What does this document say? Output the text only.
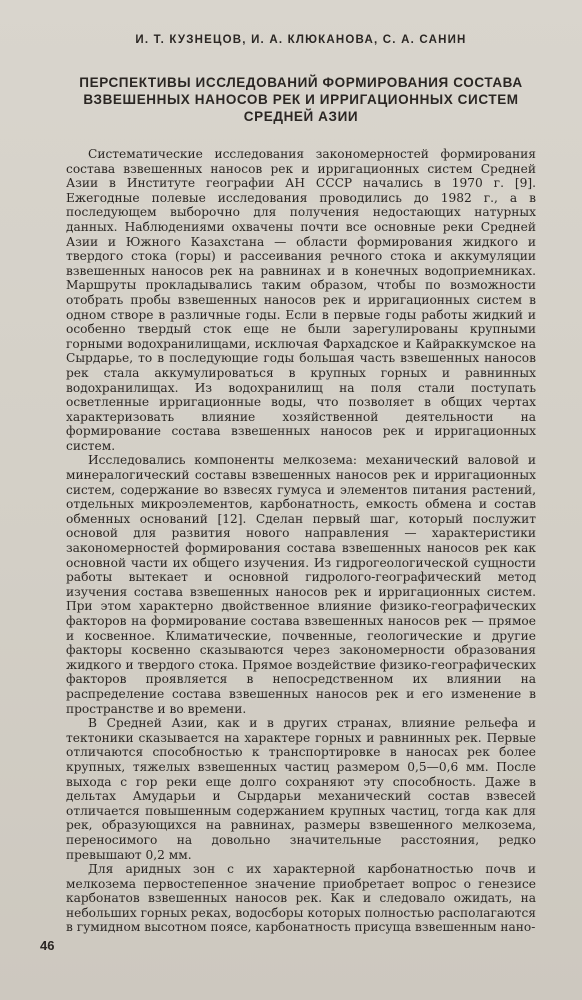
И. Т. КУЗНЕЦОВ, И. А. КЛЮКАНОВА, С. А. САНИН
ПЕРСПЕКТИВЫ ИССЛЕДОВАНИЙ ФОРМИРОВАНИЯ СОСТАВА
ВЗВЕШЕННЫХ НАНОСОВ РЕК И ИРРИГАЦИОННЫХ СИСТЕМ
СРЕДНЕЙ АЗИИ

Систематические исследования закономерностей формирования состава взвешенных наносов рек и ирригационных систем Средней Азии в Институте географии АН СССР начались в 1970 г. [9]. Ежегодные полевые исследования проводились до 1982 г., а в последующем выборочно для получения недостающих натурных данных. Наблюдениями охвачены почти все основные реки Средней Азии и Южного Казахстана — области формирования жидкого и твердого стока (горы) и рассеивания речного стока и аккумуляции взвешенных наносов рек на равнинах и в конечных водоприемниках. Маршруты прокладывались таким образом, чтобы по возможности отобрать пробы взвешенных наносов рек и ирригационных систем в одном створе в различные годы. Если в первые годы работы жидкий и особенно твердый сток еще не были зарегулированы крупными горными водохранилищами, исключая Фархадское и Кайраккумское на Сырдарье, то в последующие годы большая часть взвешенных наносов рек стала аккумулироваться в крупных горных и равнинных водохранилищах. Из водохранилищ на поля стали поступать осветленные ирригационные воды, что позволяет в общих чертах характеризовать влияние хозяйственной деятельности на формирование состава взвешенных наносов рек и ирригационных систем.

Исследовались компоненты мелкозема: механический валовой и минералогический составы взвешенных наносов рек и ирригационных систем, содержание во взвесях гумуса и элементов питания растений, отдельных микроэлементов, карбонатность, емкость обмена и состав обменных оснований [12]. Сделан первый шаг, который послужит основой для развития нового направления — характеристики закономерностей формирования состава взвешенных наносов рек как основной части их общего изучения. Из гидрогеологической сущности работы вытекает и основной гидролого-географический метод изучения состава взвешенных наносов рек и ирригационных систем. При этом характерно двойственное влияние физико-географических факторов на формирование состава взвешенных наносов рек — прямое и косвенное. Климатические, почвенные, геологические и другие факторы косвенно сказываются через закономерности образования жидкого и твердого стока. Прямое воздействие физико-географических факторов проявляется в непосредственном их влиянии на распределение состава взвешенных наносов рек и его изменение в пространстве и во времени.

В Средней Азии, как и в других странах, влияние рельефа и тектоники сказывается на характере горных и равнинных рек. Первые отличаются способностью к транспортировке в наносах рек более крупных, тяжелых взвешенных частиц размером 0,5—0,6 мм. После выхода с гор реки еще долго сохраняют эту способность. Даже в дельтах Амударьи и Сырдарьи механический состав взвесей отличается повышенным содержанием крупных частиц, тогда как для рек, образующихся на равнинах, размеры взвешенного мелкозема, переносимого на довольно значительные расстояния, редко превышают 0,2 мм.

Для аридных зон с их характерной карбонатностью почв и мелкозема первостепенное значение приобретает вопрос о генезисе карбонатов взвешенных наносов рек. Как и следовало ожидать, на небольших горных реках, водосборы которых полностью располагаются в гумидном высотном поясе, карбонатность присуща взвешенным нано-

46
